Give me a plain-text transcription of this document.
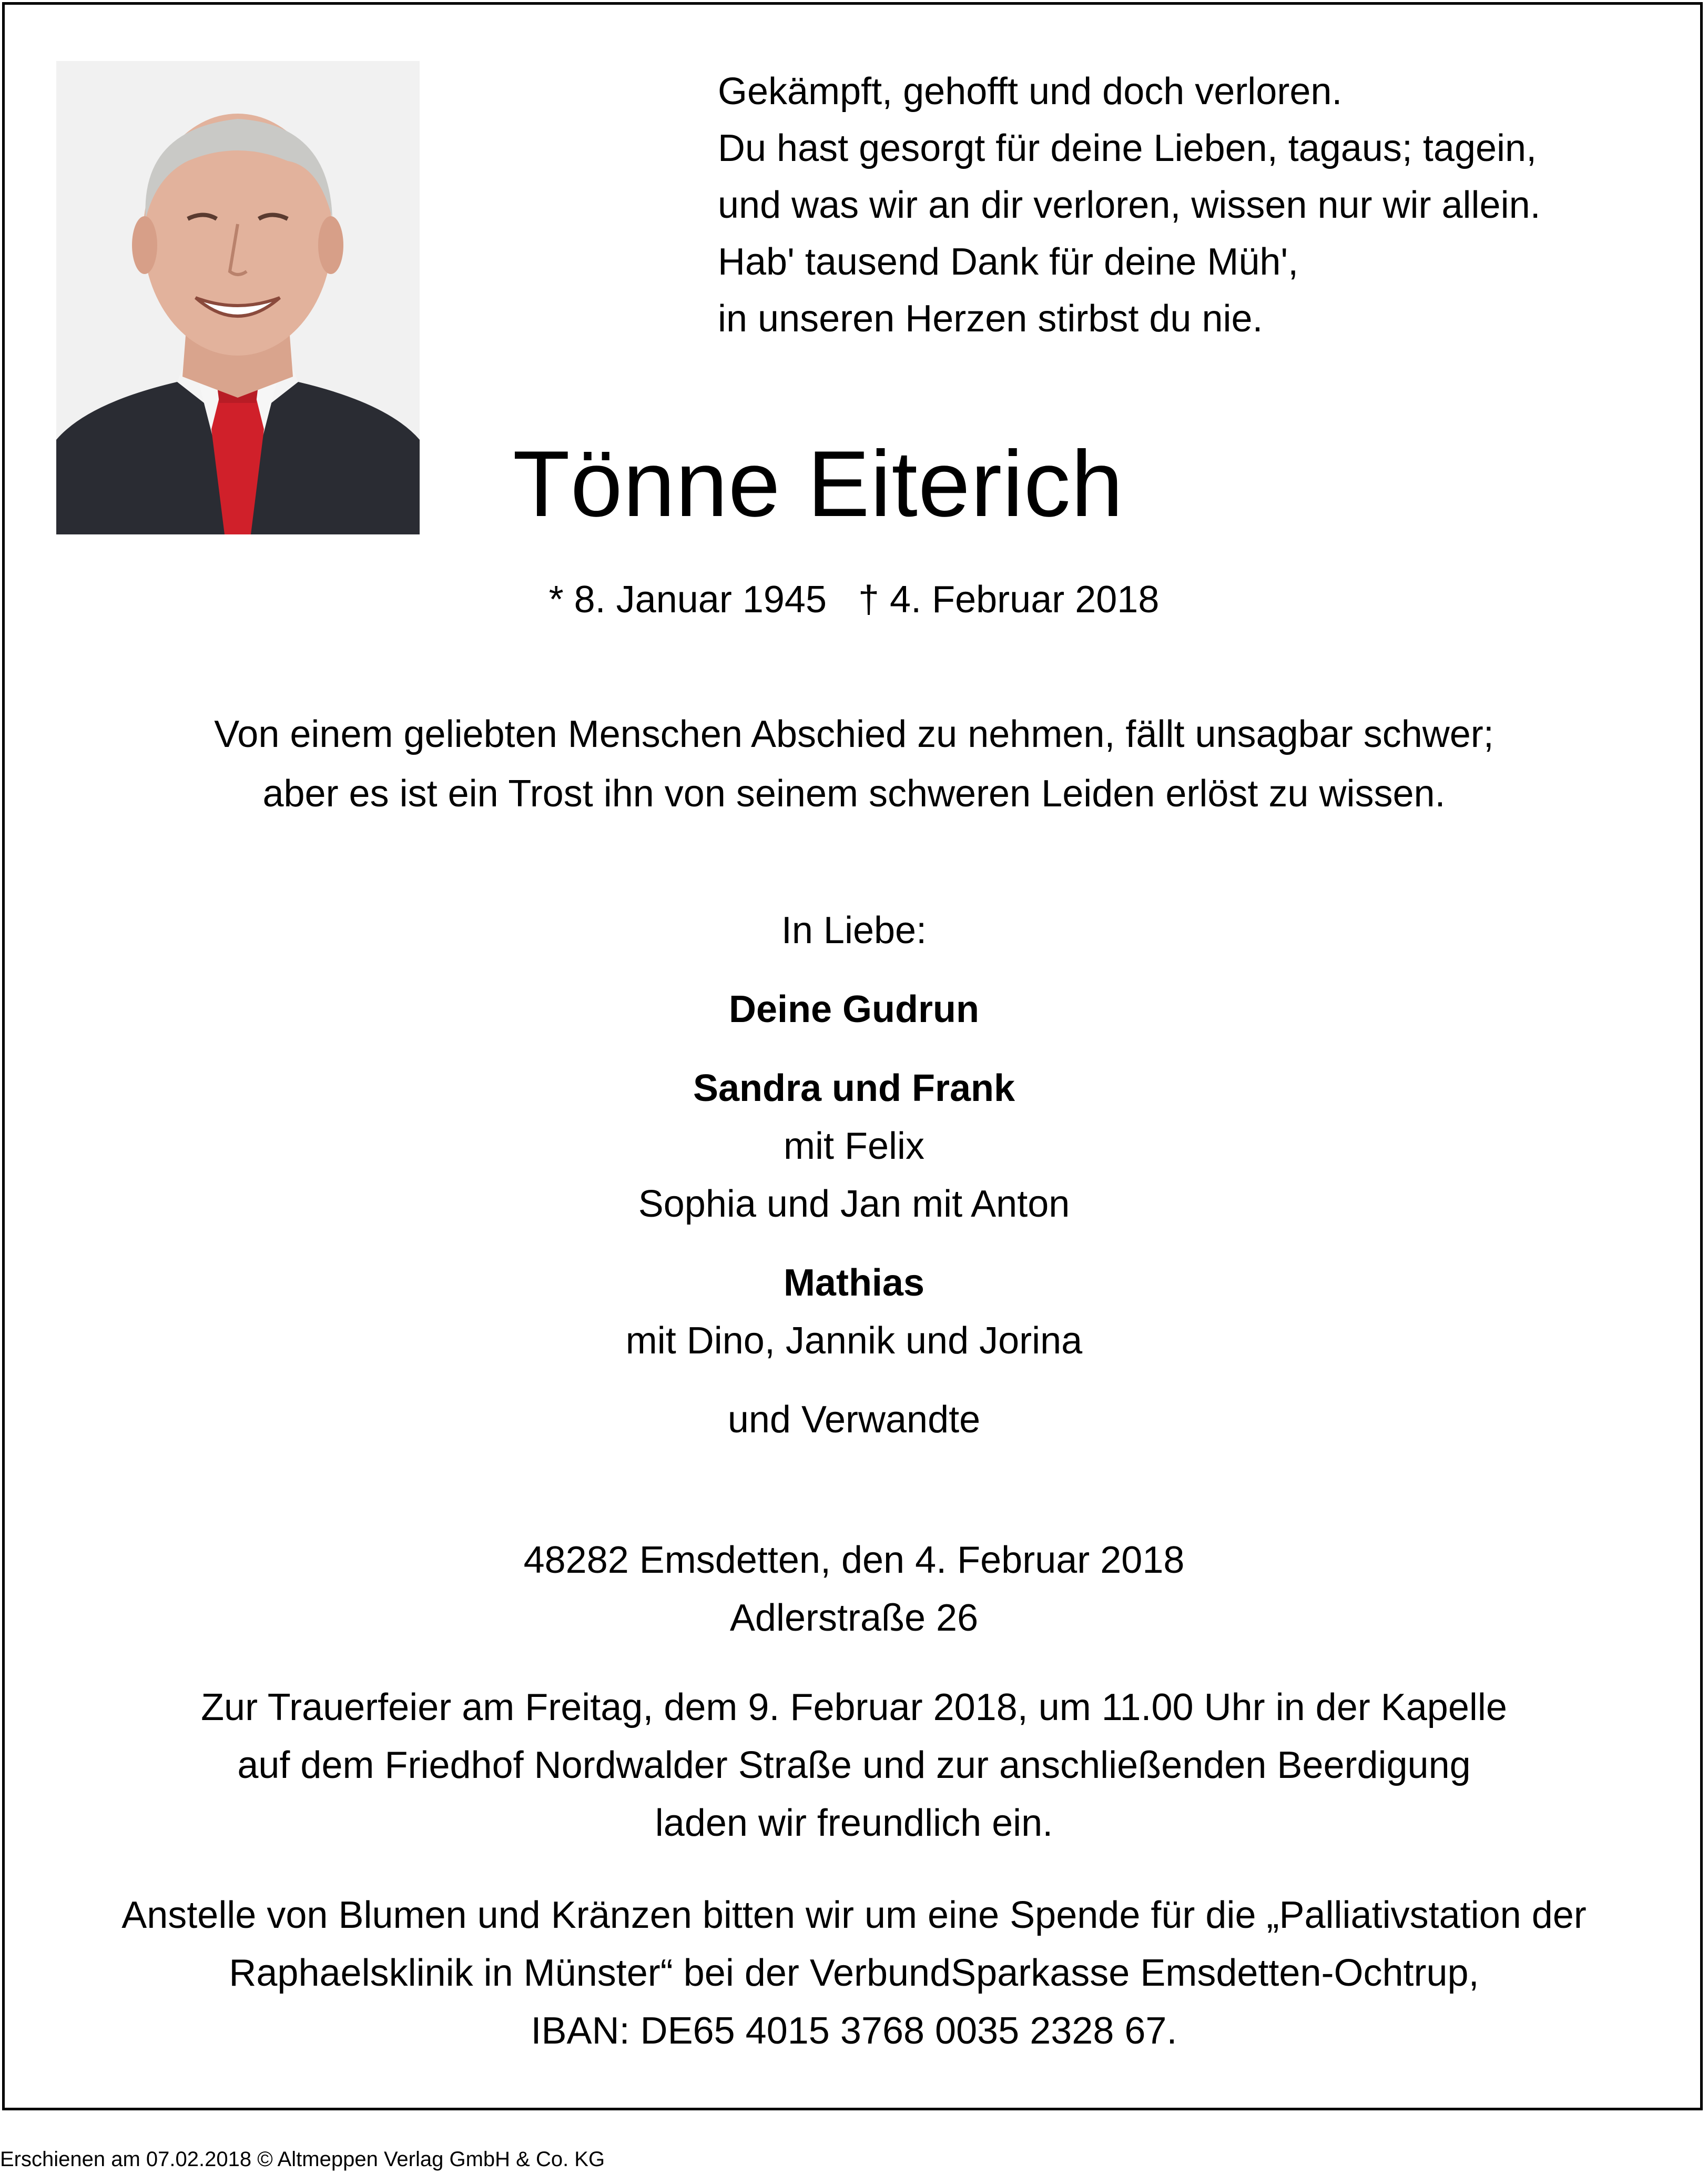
Gekämpft, gehofft und doch verloren.
Du hast gesorgt für deine Lieben, tagaus; tagein,
und was wir an dir verloren, wissen nur wir allein.
Hab' tausend Dank für deine Müh',
in unseren Herzen stirbst du nie.
Tönne Eiterich
* 8. Januar 1945   † 4. Februar 2018
Von einem geliebten Menschen Abschied zu nehmen, fällt unsagbar schwer;
aber es ist ein Trost ihn von seinem schweren Leiden erlöst zu wissen.
In Liebe:
Deine Gudrun
Sandra und Frank
mit Felix
Sophia und Jan mit Anton
Mathias
mit Dino, Jannik und Jorina
und Verwandte
48282 Emsdetten, den 4. Februar 2018
Adlerstraße 26
Zur Trauerfeier am Freitag, dem 9. Februar 2018, um 11.00 Uhr in der Kapelle
auf dem Friedhof Nordwalder Straße und zur anschließenden Beerdigung
laden wir freundlich ein.
Anstelle von Blumen und Kränzen bitten wir um eine Spende für die „Palliativstation der
Raphaelsklinik in Münster“ bei der VerbundSparkasse Emsdetten-Ochtrup,
IBAN: DE65 4015 3768 0035 2328 67.
Erschienen am 07.02.2018 © Altmeppen Verlag GmbH & Co. KG
